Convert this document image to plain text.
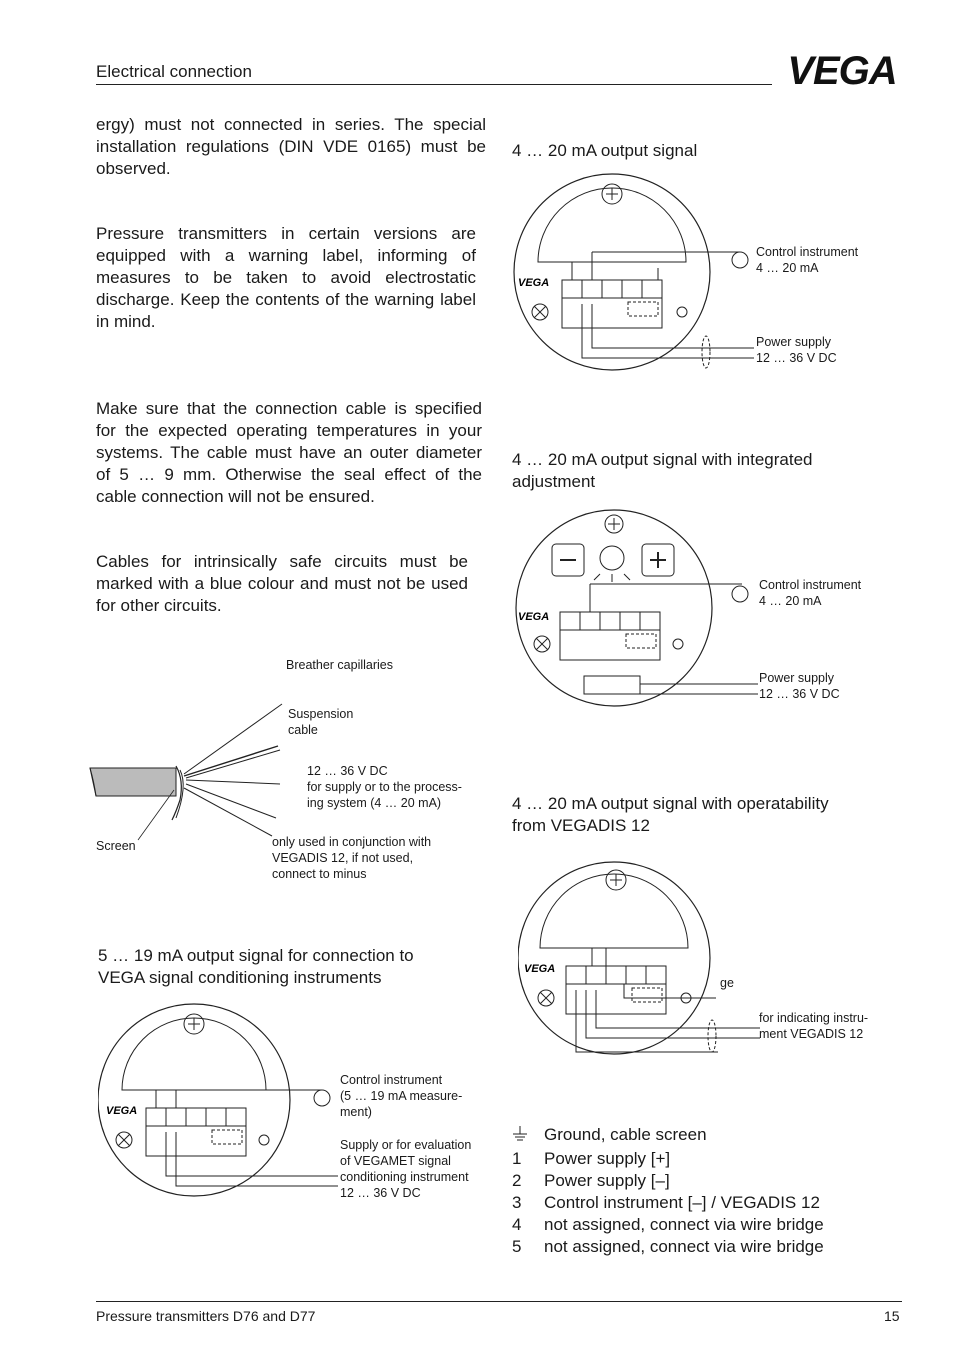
Electrical connection	VEGA

ergy) must not connected in series. The special installation regulations (DIN VDE 0165) must be observed.

Pressure transmitters in certain versions are equipped with a warning label, informing of measures to be taken to avoid electrostatic discharge. Keep the contents of the warning label in mind.

Make sure that the connection cable is specified for the expected operating temperatures in your systems. The cable must have an outer diameter of 5 … 9 mm. Otherwise the seal effect of the cable connection will not be ensured.

Cables for intrinsically safe circuits must be marked with a blue colour and must not be used for other circuits.

Breather capillaries
Suspension
cable
12 … 36 V DC
for supply or to the process-
ing system (4 … 20 mA)
Screen	only used in conjunction with
VEGADIS 12, if not used,
connect to minus
5 … 19 mA output signal for connection to
VEGA signal conditioning instruments
Control instrument
(5 … 19 mA measure-
ment)
Supply or for evaluation
of VEGAMET signal
conditioning instrument
12 … 36 V DC
VEGA
4 … 20 mA output signal
Control instrument
4 … 20 mA
Power supply
12 … 36 V DC
VEGA
4 … 20 mA output signal with integrated
adjustment
Control instrument
4 … 20 mA
Power supply
12 … 36 V DC
VEGA
4 … 20 mA output signal with operatability
from VEGADIS 12
ge
for indicating instru-
ment VEGADIS 12
VEGA
Ground, cable screen
1	Power supply [+]
2	Power supply [–]
3	Control instrument [–] / VEGADIS 12
4	not assigned, connect via wire bridge
5	not assigned, connect via wire bridge
Pressure transmitters D76 and D77	15
